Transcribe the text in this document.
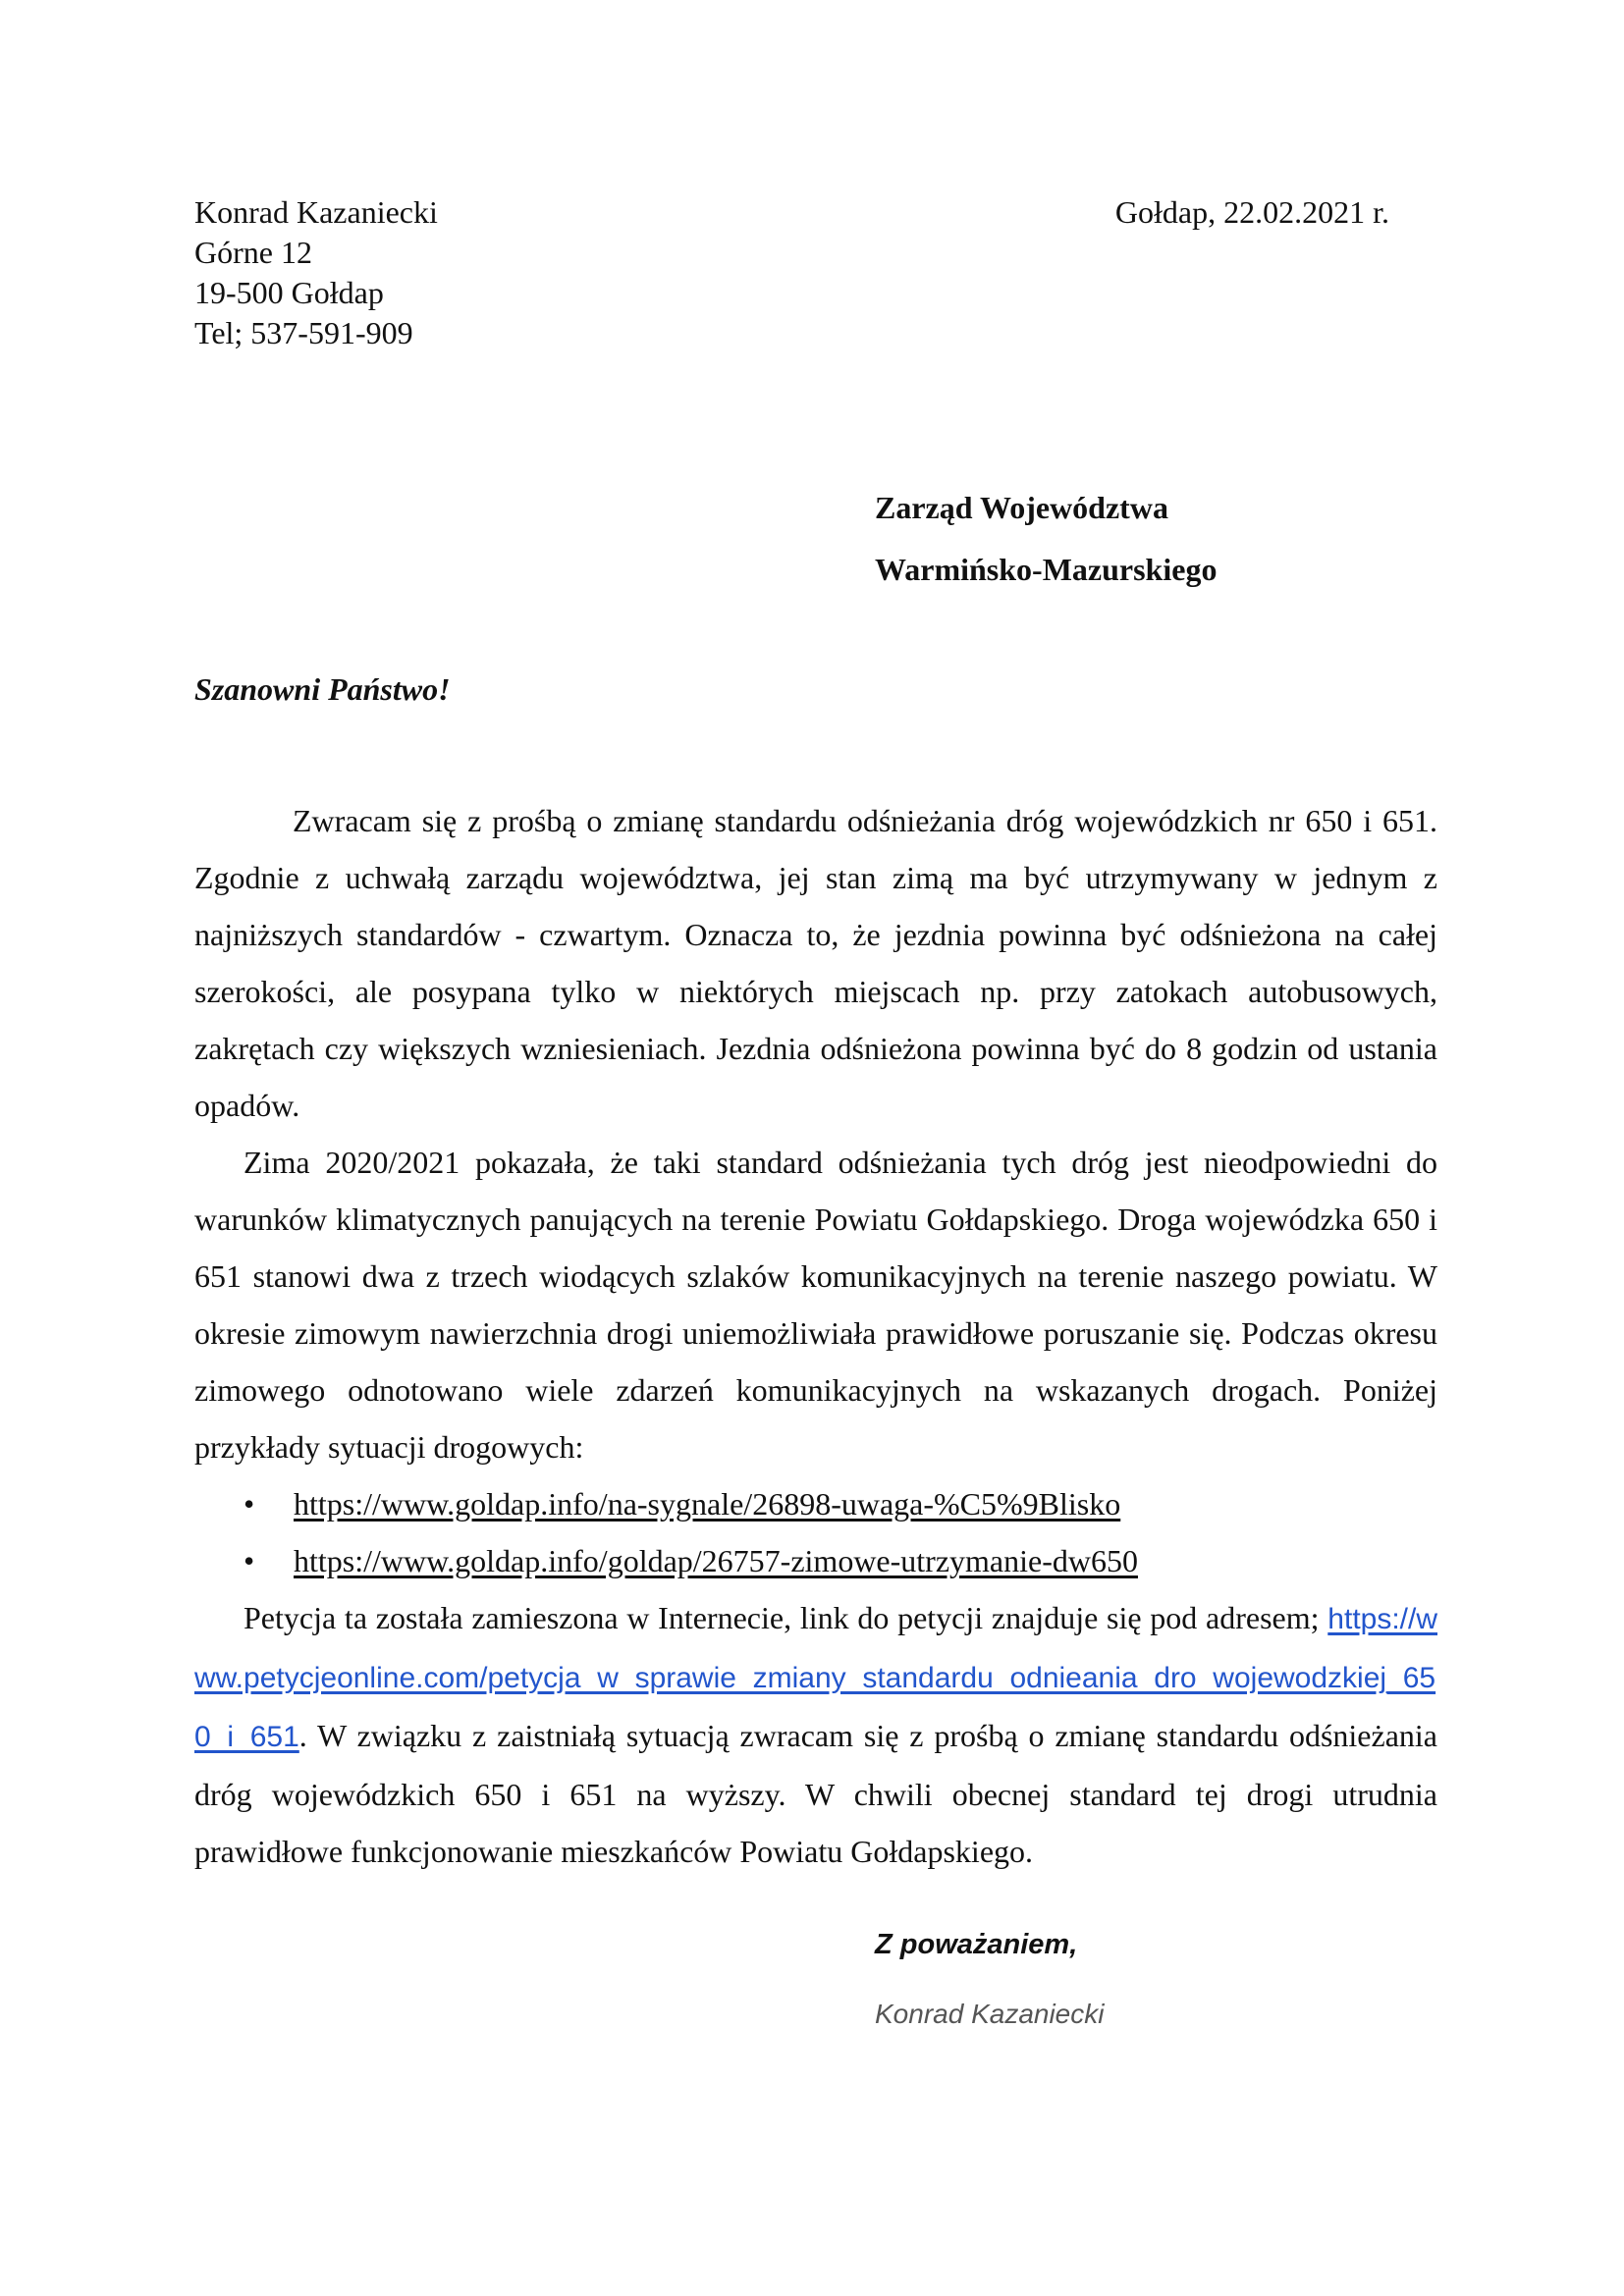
Konrad Kazaniecki
Górne 12
19-500 Gołdap
Tel; 537-591-909
Gołdap, 22.02.2021 r.
Zarząd Województwa
Warmińsko-Mazurskiego
Szanowni Państwo!

Zwracam się z prośbą o zmianę standardu odśnieżania dróg wojewódzkich nr 650 i 651. Zgodnie z uchwałą zarządu województwa, jej stan zimą ma być utrzymywany w jednym z najniższych standardów - czwartym. Oznacza to, że jezdnia powinna być odśnieżona na całej szerokości, ale posypana tylko w niektórych miejscach np. przy zatokach autobusowych, zakrętach czy większych wzniesieniach. Jezdnia odśnieżona powinna być do 8 godzin od ustania opadów.

Zima 2020/2021 pokazała, że taki standard odśnieżania tych dróg jest nieodpowiedni do warunków klimatycznych panujących na terenie Powiatu Gołdapskiego. Droga wojewódzka 650 i 651 stanowi dwa z trzech wiodących szlaków komunikacyjnych na terenie naszego powiatu. W okresie zimowym nawierzchnia drogi uniemożliwiała prawidłowe poruszanie się. Podczas okresu zimowego odnotowano wiele zdarzeń komunikacyjnych na wskazanych drogach. Poniżej przykłady sytuacji drogowych:

• https://www.goldap.info/na-sygnale/26898-uwaga-%C5%9Blisko
• https://www.goldap.info/goldap/26757-zimowe-utrzymanie-dw650

Petycja ta została zamieszona w Internecie, link do petycji znajduje się pod adresem; https://www.petycjeonline.com/petycja_w_sprawie_zmiany_standardu_odnieania_dro_wojewodzkiej_650_i_651. W związku z zaistniałą sytuacją zwracam się z prośbą o zmianę standardu odśnieżania dróg wojewódzkich 650 i 651 na wyższy. W chwili obecnej standard tej drogi utrudnia prawidłowe funkcjonowanie mieszkańców Powiatu Gołdapskiego.

Z poważaniem,
Konrad Kazaniecki
